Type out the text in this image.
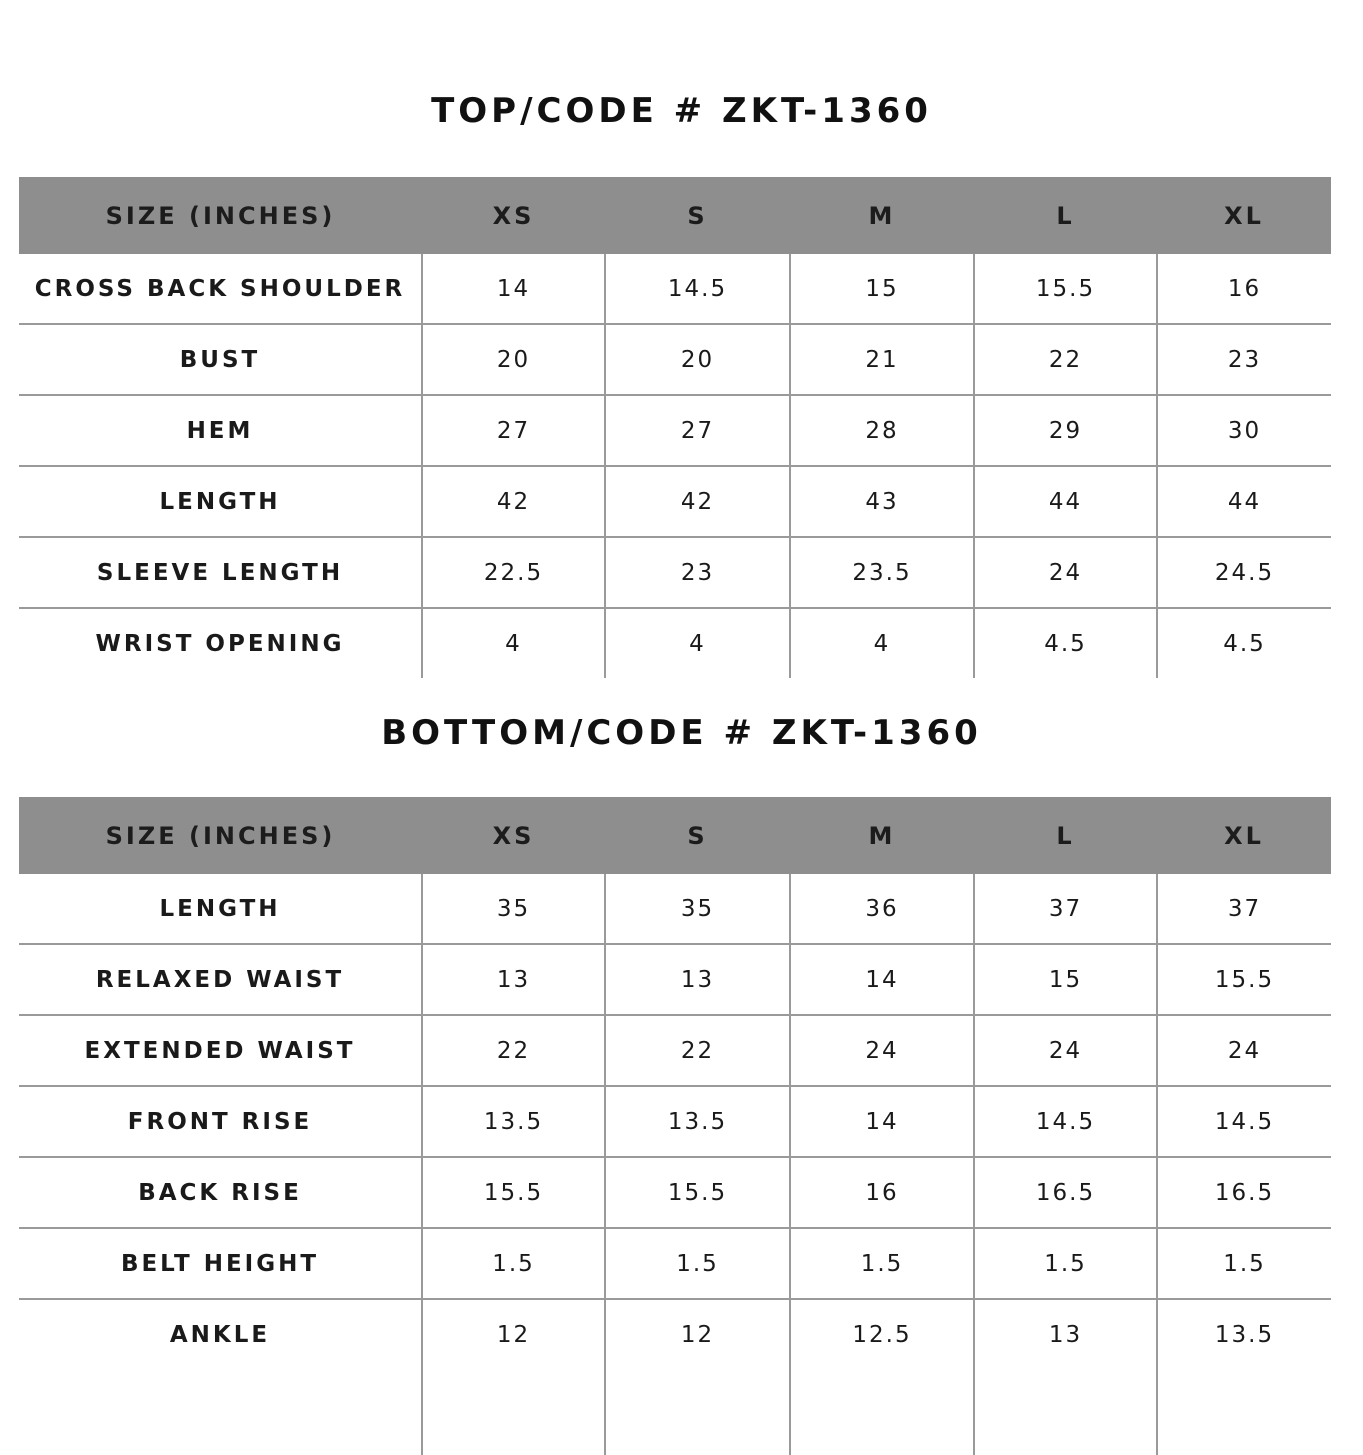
TOP/CODE # ZKT-1360
SIZE (INCHES)	XS	S	M	L	XL
CROSS BACK SHOULDER	14	14.5	15	15.5	16
BUST	20	20	21	22	23
HEM	27	27	28	29	30
LENGTH	42	42	43	44	44
SLEEVE LENGTH	22.5	23	23.5	24	24.5
WRIST OPENING	4	4	4	4.5	4.5
BOTTOM/CODE # ZKT-1360
SIZE (INCHES)	XS	S	M	L	XL
LENGTH	35	35	36	37	37
RELAXED WAIST	13	13	14	15	15.5
EXTENDED WAIST	22	22	24	24	24
FRONT RISE	13.5	13.5	14	14.5	14.5
BACK RISE	15.5	15.5	16	16.5	16.5
BELT HEIGHT	1.5	1.5	1.5	1.5	1.5
ANKLE	12	12	12.5	13	13.5
